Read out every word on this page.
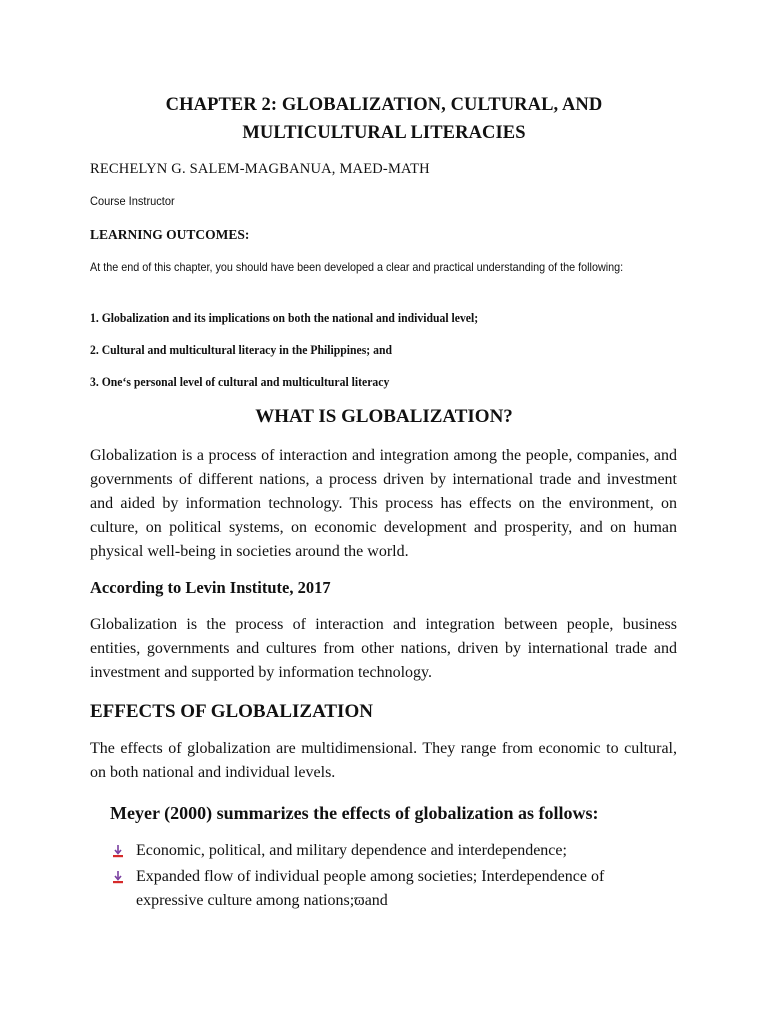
CHAPTER 2: GLOBALIZATION, CULTURAL, AND
MULTICULTURAL LITERACIES
RECHELYN G. SALEM-MAGBANUA, MAED-MATH
Course Instructor
LEARNING OUTCOMES:
At the end of this chapter, you should have been developed a clear and practical understanding of the following:
1. Globalization and its implications on both the national and individual level;
2. Cultural and multicultural literacy in the Philippines; and
3. One‘s personal level of cultural and multicultural literacy
WHAT IS GLOBALIZATION?
Globalization is a process of interaction and integration among the people, companies, and governments of different nations, a process driven by international trade and investment and aided by information technology. This process has effects on the environment, on culture, on political systems, on economic development and prosperity, and on human physical well-being in societies around the world.
According to Levin Institute, 2017
Globalization is the process of interaction and integration between people, business entities, governments and cultures from other nations, driven by international trade and investment and supported by information technology.
EFFECTS OF GLOBALIZATION
The effects of globalization are multidimensional. They range from economic to cultural, on both national and individual levels.
Meyer (2000) summarizes the effects of globalization as follows:
Economic, political, and military dependence and interdependence;
Expanded flow of individual people among societies; Interdependence of expressive culture among nations;ϖand
